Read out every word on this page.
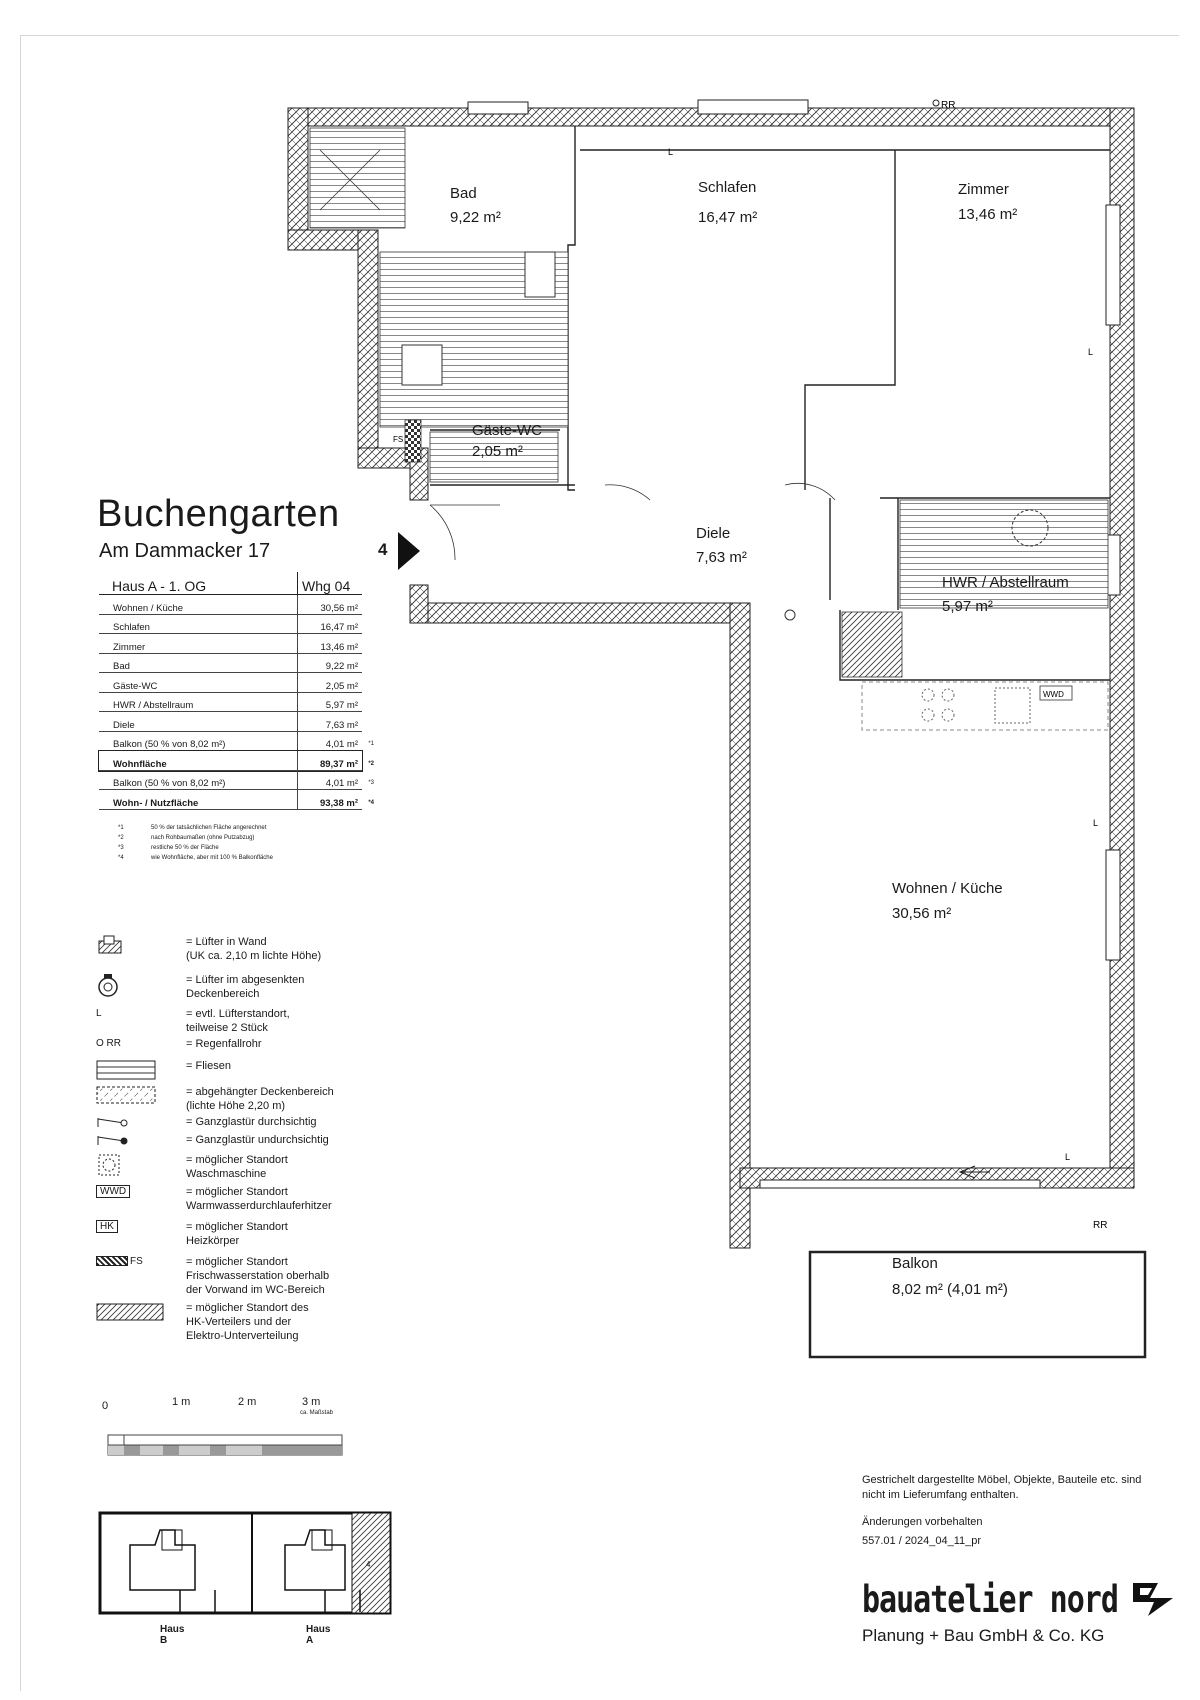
WWD
RR
RR
L
L
L
L
FS
Bad
9,22 m²
Schlafen
16,47 m²
Zimmer
13,46 m²
Gäste-WC
2,05 m²
Diele
7,63 m²
HWR / Abstellraum
5,97 m²
Wohnen / Küche
30,56 m²
Balkon
8,02 m² (4,01 m²)
Buchengarten
Am Dammacker 17	4
Haus A - 1. OG	Whg 04
Wohnen / Küche	30,56 m²
Schlafen	16,47 m²
Zimmer	13,46 m²
Bad	9,22 m²
Gäste-WC	2,05 m²
HWR / Abstellraum	5,97 m²
Diele	7,63 m²
Balkon (50 % von 8,02 m²)	4,01 m²	*1
Wohnfläche	89,37 m²	*2
Balkon (50 % von 8,02 m²)	4,01 m²	*3
Wohn- / Nutzfläche	93,38 m²	*4
*1	50 % der tatsächlichen Fläche angerechnet
*2	nach Rohbaumaßen (ohne Putzabzug)
*3	restliche 50 % der Fläche
*4	wie Wohnfläche, aber mit 100 % Balkonfläche
= Lüfter in Wand
(UK ca. 2,10 m lichte Höhe)
= Lüfter im abgesenkten
Deckenbereich
L	= evtl. Lüfterstandort,
teilweise 2 Stück
O RR	= Regenfallrohr
= Fliesen
= abgehängter Deckenbereich
(lichte Höhe 2,20 m)
= Ganzglastür durchsichtig
= Ganzglastür undurchsichtig
= möglicher Standort
Waschmaschine
WWD	= möglicher Standort
Warmwasserdurchlauferhitzer
HK	= möglicher Standort
Heizkörper
FS	= möglicher Standort
Frischwasserstation oberhalb
der Vorwand im WC-Bereich
= möglicher Standort des
HK-Verteilers und der
Elektro-Unterverteilung
0	1 m	2 m	3 m
ca. Maßstab
Haus B
Haus A
4
Gestrichelt dargestellte Möbel, Objekte, Bauteile etc. sind nicht im Lieferumfang enthalten.
Änderungen vorbehalten
557.01 / 2024_04_11_pr
bauatelier nord
Planung + Bau GmbH & Co. KG
